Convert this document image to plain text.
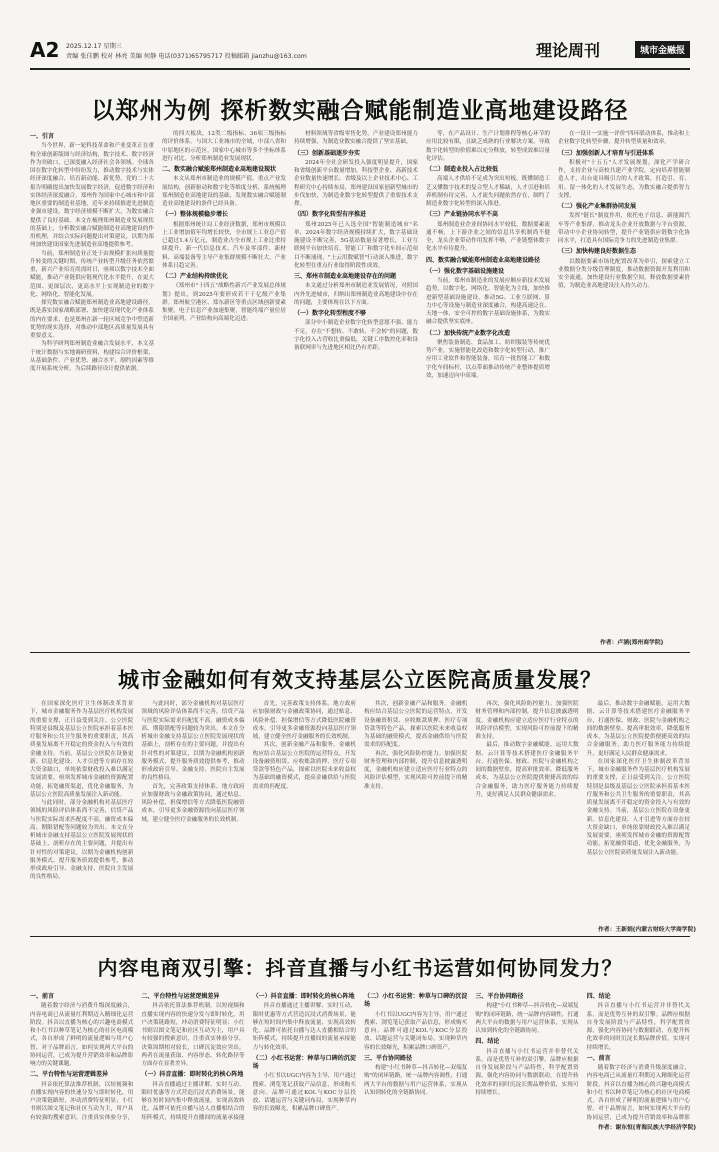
A2 2025.12.17 星期三
责编 张佳鹏 校对 林亮 美编 何静 电话(0371)65795717 投稿邮箱 jianzhu@163.com	理论周刊	城市金融报
以郑州为例 探析数实融合赋能制造业高地建设路径
一、引言

当今世界，新一轮科技革命和产业变革正在重构全球创新版图与经济结构，数字技术、数字经济作为突破口，已深度融入经济社会各领域。全球各国在数字化转型中纷纷发力，推动数字技术与实体经济深度融合，培育新动能、新优势。党的二十大报告明确提出加快发展数字经济，促进数字经济和实体经济深度融合。郑州作为国家中心城市和中部地区重要的制造业基地，近年来持续推进先进制造业强市建设，数字经济规模不断扩大，为数实融合提供了良好基础。本文在梳理郑州制造业发展现状的基础上，分析数实融合赋能制造业高地建设的作用机理，并结合实际问题提出对策建议，以期为郑州加快建设国家先进制造业高地提供参考。

当前，郑州制造业正处于由规模扩张向质量提升转变的关键时期，传统产业转型升级任务依然繁重，新兴产业培育尚需时日，亟须以数字技术全面赋能，推动产业链供应链现代化水平提升，在更大范围、更深层次、更高水平上实现制造业的数字化、网络化、智能化发展。

探究数实融合赋能郑州制造业高地建设路径，既是落实国家战略部署、加快建设现代化产业体系的内在要求，也是郑州在新一轮区域竞争中塑造新优势的现实选择，对推动中部地区高质量发展具有重要意义。

为科学研判郑州制造业融合发展水平，本文基于统计数据与实地调研资料，构建综合评价框架，从基础条件、产业优势、融合水平、制约因素等维度开展系统分析，为后续路径设计提供依据。

的四大板块，12类二级指标、36项三级指标的评价体系。与国大工业城市的全域，中部八省和中原地区的示范区，国家中心城市等多个坐标体系进行对比，分析郑州制造业发展现状。

二、数实融合赋能郑州制造业高地建设现状

本文从郑州市制造业的规模产值，重点产业发展结构，创新驱动和数字化等维度分析，系统梳理郑州制造业高地建设的基础，发现数实融合赋能制造业高地建设的条件已经具备。

（一）整体规模稳步增长

根据郑州统计局工业经济数据，郑州市规模以上工业增加值年均增长较快，全市规上工业总产值已超过1.4万亿元，制造业占全市规上工业比重持续提升，新一代信息技术、汽车及零部件、新材料、高端装备等主导产业集群规模不断壮大，产业体系日趋完善。

（二）产业结构持续优化

《郑州市"十四五"战略性新兴产业发展总体规划》提出，到2025年要形成若干千亿级产业集群。郑州航空港区、郑东新区等重点区域创新要素集聚，电子信息产业加速集聚，智能终端产量位居全国前列，产业结构向高端化迈进。

材料领域等省级零售化势，产业建设郑州能力持续增强，为制造业数实融合提供了坚实基础。

（三）创新基础逐步夯实

2024年全社会研发投入强度明显提升，国家和省级创新平台数量增加，科技型企业、高新技术企业数量快速增长。省级及以上企业技术中心、工程研究中心持续布局，郑州建设国家创新型城市的步伐加快，为制造业数字化转型提供了重要技术支撑。

（四）数字化转型有序推进

郑州2025年已入选全国"智能制造城市"名单，2024年数字经济规模持续扩大，数字基础设施建设不断完善，5G基站数量显著增长，工业互联网平台加快培育，智能工厂和数字化车间示范项目不断涌现，"上云用数赋智"行动深入推进，数字化转型在重点行业取得阶段性成效。

三、郑州市制造业高地建设存在的问题

本文通过分析郑州市制造业发展情况，对照国内外先进城市，归纳出郑州制造业高地建设中存在的问题，主要体现在以下方面。

（一）数字化转型程度不够

部分中小制造企业数字化转型意愿不强、能力不足，存在"不想转、不敢转、不会转"的问题，数字化投入占营收比重偏低，关键工序数控化率和设备联网率与先进地区相比仍有差距。

等，在产品设计、生产计划排程等核心环节的应用比较有限，且缺乏成熟的行业解决方案，导致数字化转型的价值难以充分释放，转型成效难以量化评估。

（二）制造业投入占比较低

高端人才供给不足成为突出短板，既懂制造工艺又懂数字技术的复合型人才稀缺，人才引进和培养机制有待完善，人才流失问题依然存在，制约了制造业数字化转型的深入推进。

（三）产业链协同水平不高

郑州制造业企业间协同水平较低，数据要素流通不畅，上下游企业之间的信息共享机制尚不健全，龙头企业带动作用发挥不够，产业链整体数字化水平有待提升。

四、数实融合赋能郑州制造业高地建设路径
（一）强化数字基础设施建设

当前，郑州市制造业的发展应顺应新技术发展趋势，以数字化、网络化、智能化为主线，加快推进新型基础设施建设，推动5G、工业互联网、算力中心等设施与制造业深度融合，构建高速泛在、天地一体、安全可控的数字基础设施体系，为数实融合提供坚实底座。

（二）加快传统产业数字化改造

聚焦装备制造、食品加工、纺织服装等传统优势产业，实施智能化改造和数字化转型行动，推广应用工业软件和智能装备，培育一批智能工厂和数字化车间标杆，以点带面推动传统产业整体提质增效，加速迈向中高端。

在一设计一实施一评价"四环联动体系，推动和上企业数字化转型步骤，提升转型质量和效率。

（三）加强创新人才培育与引进体系

积极对"十五五"人才发展规划，深化产学研合作，支持企业与高校共建产业学院，定向培养智能制造人才，出台更具吸引力的人才政策，打造引、育、用、留一体化的人才发展生态，为数实融合提供智力支撑。

（二）强化产业集群协同发展

发挥"链长"制度作用，依托电子信息、新能源汽车等产业集群，推动龙头企业开放数据与平台资源，带动中小企业协同转型，提升产业链供应链数字化协同水平，打造具有国际竞争力的先进制造业集群。

（三）加快构建良好数据生态

以数据要素市场化配置改革为牵引，探索建立工业数据分类分级管理制度，推动数据资源开发利用和安全流通，加快建设行业数据空间，释放数据要素价值，为制造业高地建设注入持久动力。

作者：卢涵(郑州商学院)
城市金融如何有效支持基层公立医院高质量发展？

在国家深化医疗卫生体制改革背景下，城市金融服务作为基层医疗机构发展的重要支撑，正日益受到关注。公立医院特别是县级及基层公立医院承担着基本医疗服务和公共卫生服务的重要职责，其高质量发展离不开稳定的资金投入与有效的金融支持。当前，基层公立医院在设备更新、信息化建设、人才引进等方面存在较大资金缺口，单纯依靠财政投入难以满足发展需要，亟须发挥城市金融的资源配置功能，拓宽融资渠道，优化金融服务，为基层公立医院高质量发展注入新动能。

与此同时，部分金融机构对基层医疗领域的风险评估体系尚不完善，信贷产品与医院实际需求匹配度不高，融资成本偏高、期限错配等问题较为突出。本文在分析城市金融支持基层公立医院发展现状的基础上，剖析存在的主要问题，并提出有针对性的对策建议，以期为金融机构创新服务模式、提升服务质效提供参考，推动形成政府引导、金融支持、医院自主发展的良性格局。

与此同时，部分金融机构对基层医疗领域的风险评估体系尚不完善，信贷产品与医院实际需求匹配度不高，融资成本偏高、期限错配等问题较为突出。本文在分析城市金融支持基层公立医院发展现状的基础上，剖析存在的主要问题，并提出有针对性的对策建议，以期为金融机构创新服务模式、提升服务质效提供参考，推动形成政府引导、金融支持、医院自主发展的良性格局。

首先，完善政策支持体系。地方政府应加强财政与金融政策协同，通过贴息、风险补偿、担保增信等方式降低医院融资成本，引导更多金融资源投向基层医疗领域，建立健全医疗金融服务的长效机制。

首先，完善政策支持体系。地方政府应加强财政与金融政策协同，通过贴息、风险补偿、担保增信等方式降低医院融资成本，引导更多金融资源投向基层医疗领域，建立健全医疗金融服务的长效机制。

其次，创新金融产品和服务。金融机构应结合基层公立医院的运营特点，开发设备融资租赁、应收账款质押、医疗专项贷款等特色产品，探索以医院未来收益权为基础的融资模式，提高金融供给与医院需求的匹配度。

其次，创新金融产品和服务。金融机构应结合基层公立医院的运营特点，开发设备融资租赁、应收账款质押、医疗专项贷款等特色产品，探索以医院未来收益权为基础的融资模式，提高金融供给与医院需求的匹配度。

再次，强化风险防控能力。加强医院财务管理和内部控制，提升信息披露透明度，金融机构应建立适应医疗行业特点的风险评估模型，实现风险可控前提下的精准支持。

再次，强化风险防控能力。加强医院财务管理和内部控制，提升信息披露透明度，金融机构应建立适应医疗行业特点的风险评估模型，实现风险可控前提下的精准支持。

最后，推动数字金融赋能。运用大数据、云计算等技术搭建医疗金融服务平台，打通医保、财政、医院与金融机构之间的数据壁垒，提高审批效率，降低服务成本，为基层公立医院提供便捷高效的综合金融服务，助力医疗服务能力持续提升，更好满足人民群众健康需求。

最后，推动数字金融赋能。运用大数据、云计算等技术搭建医疗金融服务平台，打通医保、财政、医院与金融机构之间的数据壁垒，提高审批效率，降低服务成本，为基层公立医院提供便捷高效的综合金融服务，助力医疗服务能力持续提升，更好满足人民群众健康需求。

在国家深化医疗卫生体制改革背景下，城市金融服务作为基层医疗机构发展的重要支撑，正日益受到关注。公立医院特别是县级及基层公立医院承担着基本医疗服务和公共卫生服务的重要职责，其高质量发展离不开稳定的资金投入与有效的金融支持。当前，基层公立医院在设备更新、信息化建设、人才引进等方面存在较大资金缺口，单纯依靠财政投入难以满足发展需要，亟须发挥城市金融的资源配置功能，拓宽融资渠道，优化金融服务，为基层公立医院高质量发展注入新动能。

作者：王新娟(内蒙古财经大学商学院)
内容电商双引擎：抖音直播与小红书运营如何协同发力？
一、前言

随着数字经济与消费升级深度融合，内容电商已从流量红利期迈入精细化运营阶段。抖音以直播为核心的兴趣电商模式和小红书以种草笔记为核心的社区电商模式，各自形成了鲜明的流量逻辑与用户心智。对于品牌而言，如何实现两大平台的协同运营，已成为提升营销效率和品牌影响力的关键课题。

二、平台特性与运营逻辑差异

抖音依托算法推荐机制，以短视频和直播实现内容的快速分发与即时转化，用户决策链路短，冲动消费特征明显；小红书则以图文笔记和社区互动为主，用户具有较强的搜索意识，注重真实体验分享，

二、平台特性与运营逻辑差异

抖音依托算法推荐机制，以短视频和直播实现内容的快速分发与即时转化，用户决策链路短，冲动消费特征明显；小红书则以图文笔记和社区互动为主，用户具有较强的搜索意识，注重真实体验分享，决策周期相对较长，口碑沉淀效应突出。两者在流量获取、内容形态、转化路径等方面存在显著差异。

（一）抖音直播：即时转化的核心阵地

抖音直播通过主播讲解、实时互动、限时优惠等方式营造沉浸式消费场景，能够在短时间内集中释放流量，实现高效转化。品牌可依托自播与达人直播相结合的矩阵模式，持续提升直播间的流量承接能

（一）抖音直播：即时转化的核心阵地

抖音直播通过主播讲解、实时互动、限时优惠等方式营造沉浸式消费场景，能够在短时间内集中释放流量，实现高效转化。品牌可依托自播与达人直播相结合的矩阵模式，持续提升直播间的流量承接能力与转化效率。

（二）小红书运营：种草与口碑的沉淀场

小红书以UGC内容为主导，用户通过搜索、浏览笔记获取产品信息，形成购买意向。品牌可通过KOL与KOC分层投放、话题运营与关键词布局，实现种草内容的长效曝光，积累品牌口碑资产。

（二）小红书运营：种草与口碑的沉淀场

小红书以UGC内容为主导，用户通过搜索、浏览笔记获取产品信息，形成购买意向。品牌可通过KOL与KOC分层投放、话题运营与关键词布局，实现种草内容的长效曝光，积累品牌口碑资产。

三、平台协同路径

构建"小红书种草—抖音转化—双端复购"的闭环链路，统一品牌内容调性，打通两大平台的数据与用户运营体系，实现从认知到转化的全链路协同。

三、平台协同路径

构建"小红书种草—抖音转化—双端复购"的闭环链路，统一品牌内容调性，打通两大平台的数据与用户运营体系，实现从认知到转化的全链路协同。

四、结论

抖音直播与小红书运营并非替代关系，而是优势互补的双引擎。品牌应根据自身发展阶段与产品特性，科学配置资源，强化内容协同与数据联动，在提升转化效率的同时沉淀长期品牌价值，实现可持续增长。

四、结论

抖音直播与小红书运营并非替代关系，而是优势互补的双引擎。品牌应根据自身发展阶段与产品特性，科学配置资源，强化内容协同与数据联动，在提升转化效率的同时沉淀长期品牌价值，实现可持续增长。

一、前言

随着数字经济与消费升级深度融合，内容电商已从流量红利期迈入精细化运营阶段。抖音以直播为核心的兴趣电商模式和小红书以种草笔记为核心的社区电商模式，各自形成了鲜明的流量逻辑与用户心智。对于品牌而言，如何实现两大平台的协同运营，已成为提升营销效率和品牌影

作者：谢东恒(青海民族大学经济学院)
